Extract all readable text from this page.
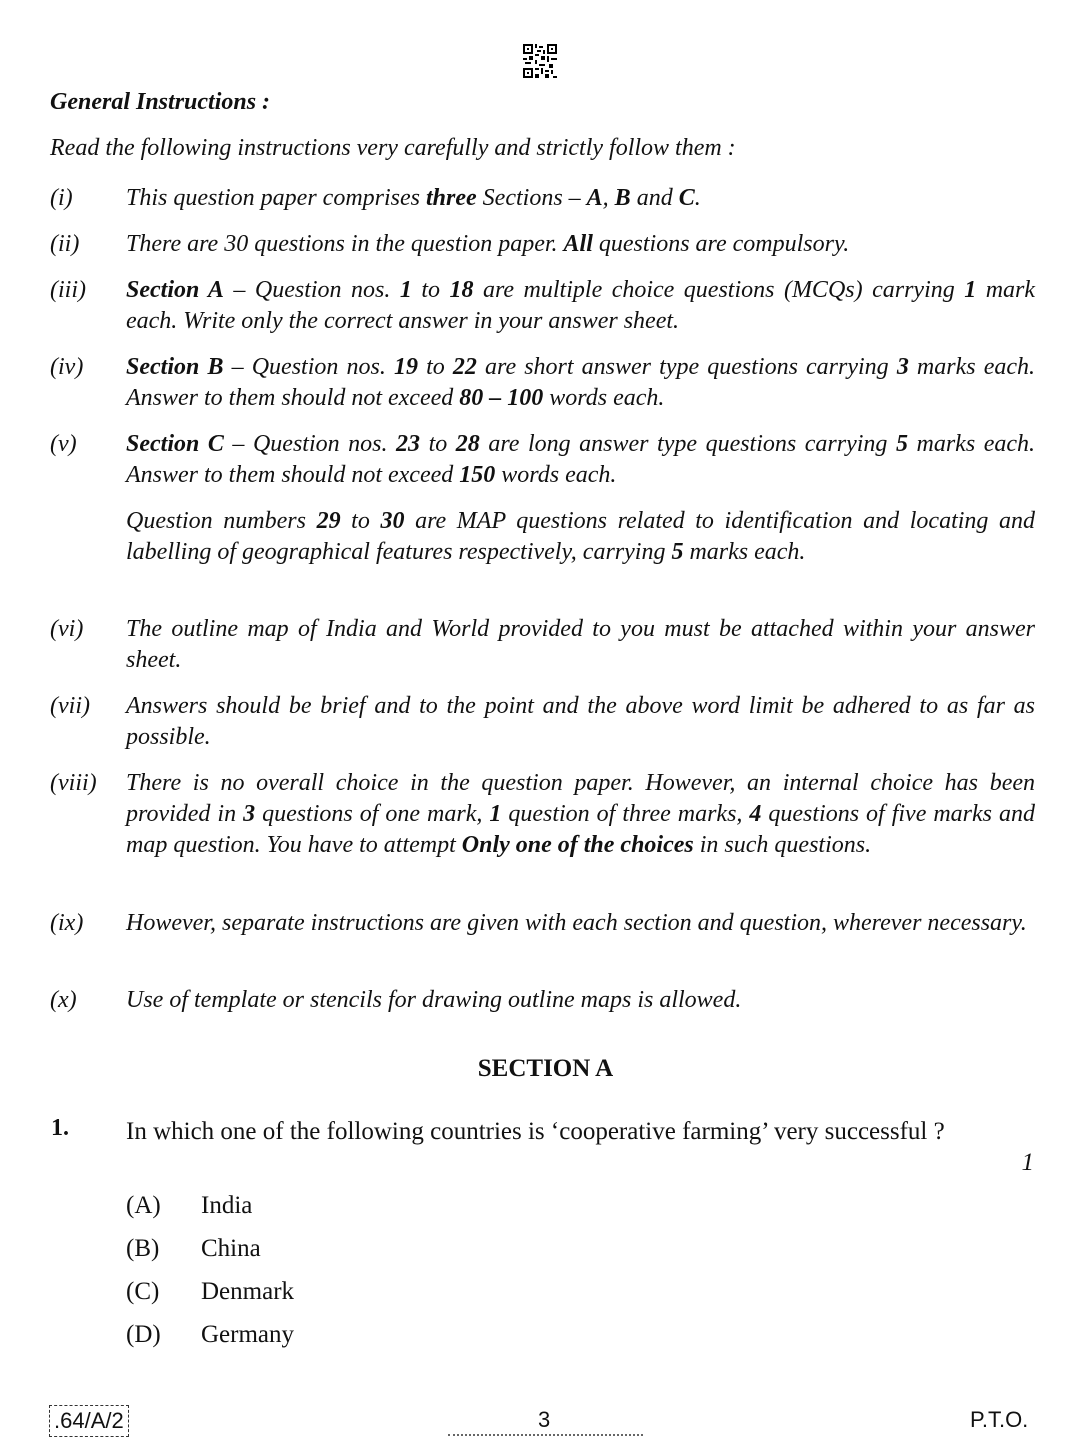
General Instructions :
Read the following instructions very carefully and strictly follow them :
(i) This question paper comprises three Sections – A, B and C.
(ii) There are 30 questions in the question paper. All questions are compulsory.
(iii) Section A – Question nos. 1 to 18 are multiple choice questions (MCQs) carrying 1 mark each. Write only the correct answer in your answer sheet.
(iv) Section B – Question nos. 19 to 22 are short answer type questions carrying 3 marks each. Answer to them should not exceed 80 – 100 words each.
(v) Section C – Question nos. 23 to 28 are long answer type questions carrying 5 marks each. Answer to them should not exceed 150 words each.
Question numbers 29 to 30 are MAP questions related to identification and locating and labelling of geographical features respectively, carrying 5 marks each.
(vi) The outline map of India and World provided to you must be attached within your answer sheet.
(vii) Answers should be brief and to the point and the above word limit be adhered to as far as possible.
(viii) There is no overall choice in the question paper. However, an internal choice has been provided in 3 questions of one mark, 1 question of three marks, 4 questions of five marks and map question. You have to attempt Only one of the choices in such questions.
(ix) However, separate instructions are given with each section and question, wherever necessary.
(x) Use of template or stencils for drawing outline maps is allowed.
SECTION A
1. In which one of the following countries is ‘cooperative farming’ very successful ?
1
(A) India
(B) China
(C) Denmark
(D) Germany
.64/A/2	3	P.T.O.
